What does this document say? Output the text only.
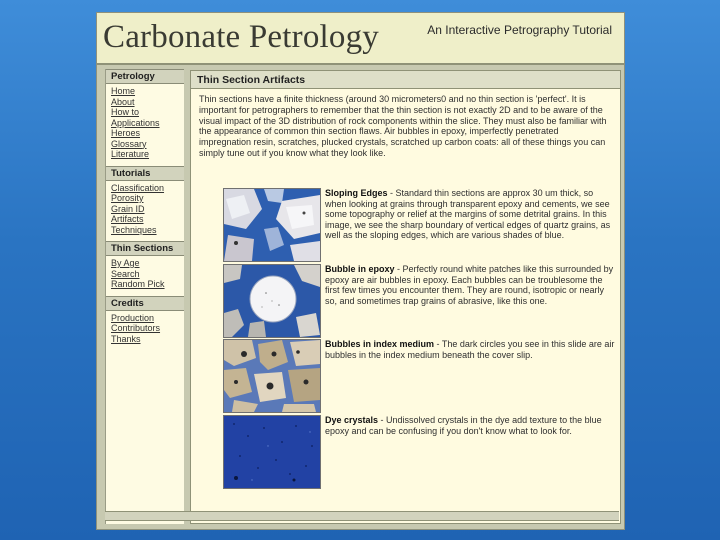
Carbonate Petrology	An Interactive Petrography Tutorial
Petrology
Home
About
How to
Applications
Heroes
Glossary
Literature
Tutorials
Classification
Porosity
Grain ID
Artifacts
Techniques
Thin Sections
By Age
Search
Random Pick
Credits
Production
Contributors
Thanks
Thin Section Artifacts
Thin sections have a finite thickness (around 30 micrometers0 and no thin section is 'perfect'. It is important for petrographers to remember that the thin section is not exactly 2D and to be aware of the visual impact of the 3D distribution of rock components within the slice. They must also be familiar with the appearance of common thin section flaws. Air bubbles in epoxy, imperfectly penetrated impregnation resin, scratches, plucked crystals, scratched up carbon coats: all of these things you can simply tune out if you know what they look like.
Sloping Edges - Standard thin sections are approx 30 um thick, so when looking at grains through transparent epoxy and cements, we see some topography or relief at the margins of some detrital grains. In this image, we see the sharp boundary of vertical edges of quartz grains, as well as the sloping edges, which are various shades of blue.
Bubble in epoxy - Perfectly round white patches like this surrounded by epoxy are air bubbles in epoxy. Each bubbles can be troublesome the first few times you encounter them. They are round, isotropic or nearly so, and sometimes trap grains of abrasive, like this one.
Bubbles in index medium - The dark circles you see in this slide are air bubbles in the index medium beneath the cover slip.
Dye crystals - Undissolved crystals in the dye add texture to the blue epoxy and can be confusing if you don't know what to look for.
